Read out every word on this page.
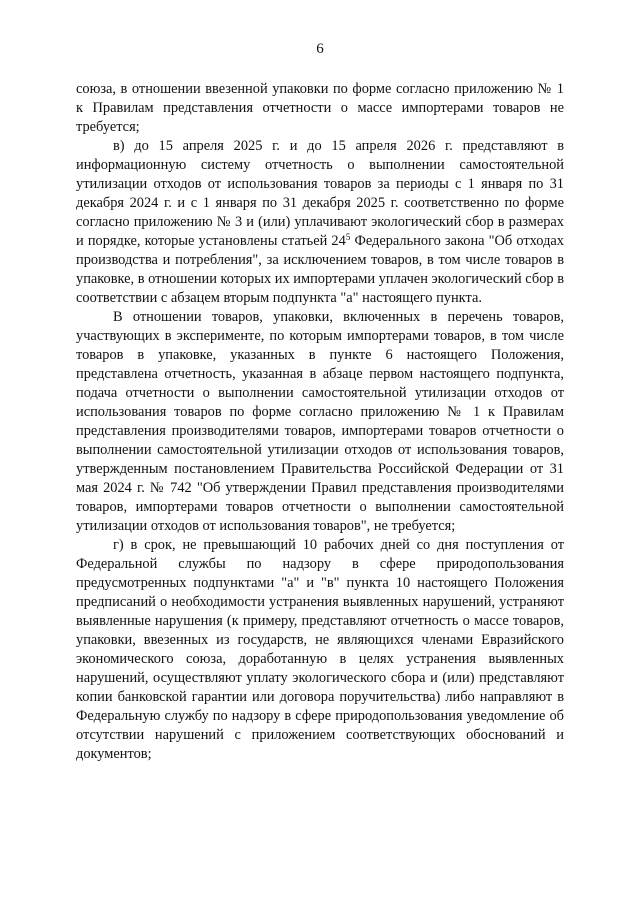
6

союза, в отношении ввезенной упаковки по форме согласно приложению № 1 к Правилам представления отчетности о массе импортерами товаров не требуется;

в) до 15 апреля 2025 г. и до 15 апреля 2026 г. представляют в информационную систему отчетность о выполнении самостоятельной утилизации отходов от использования товаров за периоды с 1 января по 31 декабря 2024 г. и с 1 января по 31 декабря 2025 г. соответственно по форме согласно приложению № 3 и (или) уплачивают экологический сбор в размерах и порядке, которые установлены статьей $24^5$ Федерального закона "Об отходах производства и потребления", за исключением товаров, в том числе товаров в упаковке, в отношении которых их импортерами уплачен экологический сбор в соответствии с абзацем вторым подпункта "а" настоящего пункта.

В отношении товаров, упаковки, включенных в перечень товаров, участвующих в эксперименте, по которым импортерами товаров, в том числе товаров в упаковке, указанных в пункте 6 настоящего Положения, представлена отчетность, указанная в абзаце первом настоящего подпункта, подача отчетности о выполнении самостоятельной утилизации отходов от использования товаров по форме согласно приложению № 1 к Правилам представления производителями товаров, импортерами товаров отчетности о выполнении самостоятельной утилизации отходов от использования товаров, утвержденным постановлением Правительства Российской Федерации от 31 мая 2024 г. № 742 "Об утверждении Правил представления производителями товаров, импортерами товаров отчетности о выполнении самостоятельной утилизации отходов от использования товаров", не требуется;

г) в срок, не превышающий 10 рабочих дней со дня поступления от Федеральной службы по надзору в сфере природопользования предусмотренных подпунктами "а" и "в" пункта 10 настоящего Положения предписаний о необходимости устранения выявленных нарушений, устраняют выявленные нарушения (к примеру, представляют отчетность о массе товаров, упаковки, ввезенных из государств, не являющихся членами Евразийского экономического союза, доработанную в целях устранения выявленных нарушений, осуществляют уплату экологического сбора и (или) представляют копии банковской гарантии или договора поручительства) либо направляют в Федеральную службу по надзору в сфере природопользования уведомление об отсутствии нарушений с приложением соответствующих обоснований и документов;
